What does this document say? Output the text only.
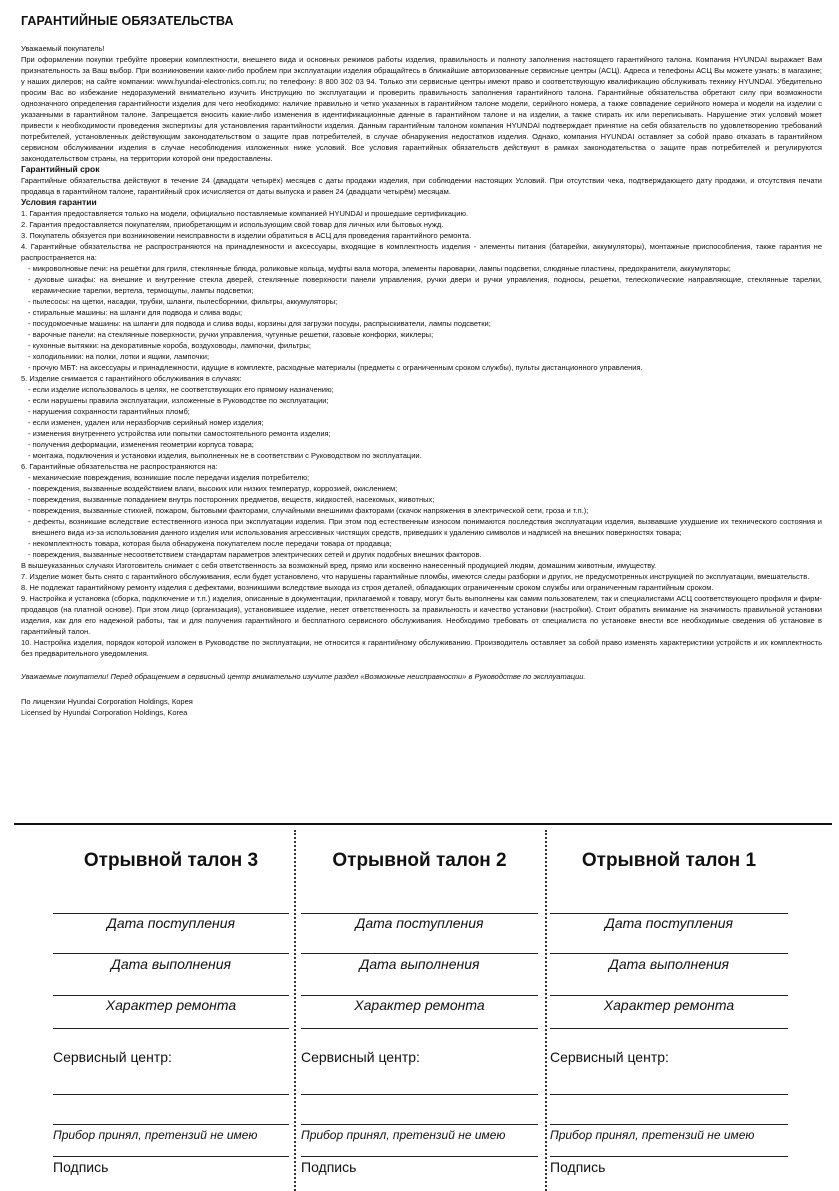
ГАРАНТИЙНЫЕ ОБЯЗАТЕЛЬСТВА

Уважаемый покупатель!

При оформлении покупки требуйте проверки комплектности, внешнего вида и основных режимов работы изделия, правильность и полноту заполнения настоящего гарантийного талона. Компания HYUNDAI выражает Вам признательность за Ваш выбор. При возникновении каких-либо проблем при эксплуатации изделия обращайтесь в ближайшие авторизованные сервисные центры (АСЦ). Адреса и телефоны АСЦ Вы можете узнать: в магазине; у наших дилеров; на сайте компании: www.hyundai-electronics.com.ru; по телефону: 8 800 302 03 94. Только эти сервисные центры имеют право и соответствующую квалификацию обслуживать технику HYUNDAI. Убедительно просим Вас во избежание недоразумений внимательно изучить Инструкцию по эксплуатации и проверить правильность заполнения гарантийного талона. Гарантийные обязательства обретают силу при возможности однозначного определения гарантийности изделия для чего необходимо: наличие правильно и четко указанных в гарантийном талоне модели, серийного номера, а также совпадение серийного номера и модели на изделии с указанными в гарантийном талоне. Запрещается вносить какие-либо изменения в идентификационные данные в гарантийном талоне и на изделии, а также стирать их или переписывать. Нарушение этих условий может привести к необходимости проведения экспертизы для установления гарантийности изделия. Данным гарантийным талоном компания HYUNDAI подтверждает принятие на себя обязательств по удовлетворению требований потребителей, установленных действующим законодательством о защите прав потребителей, в случае обнаружения недостатков изделия. Однако, компания HYUNDAI оставляет за собой право отказать в гарантийном сервисном обслуживании изделия в случае несоблюдения изложенных ниже условий. Все условия гарантийных обязательств действуют в рамках законодательства о защите прав потребителей и регулируются законодательством страны, на территории которой они предоставлены.

Гарантийный срок

Гарантийные обязательства действуют в течение 24 (двадцати четырёх) месяцев с даты продажи изделия, при соблюдении настоящих Условий. При отсутствии чека, подтверждающего дату продажи, и отсутствия печати продавца в гарантийном талоне, гарантийный срок исчисляется от даты выпуска и равен 24 (двадцати четырём) месяцам.

Условия гарантии

1. Гарантия предоставляется только на модели, официально поставляемые компанией HYUNDAI и прошедшие сертификацию.

2. Гарантия предоставляется покупателям, приобретающим и использующим свой товар для личных или бытовых нужд.

3. Покупатель обязуется при возникновении неисправности в изделии обратиться в АСЦ для проведения гарантийного ремонта.

4. Гарантийные обязательства не распространяются на принадлежности и аксессуары, входящие в комплектность изделия - элементы питания (батарейки, аккумуляторы), монтажные приспособления, также гарантия не распространяется на:

- микроволновые печи: на решётки для гриля, стеклянные блюда, роликовые кольца, муфты вала мотора, элементы пароварки, лампы подсветки, слюдяные пластины, предохранители, аккумуляторы;

- духовые шкафы: на внешние и внутренние стекла дверей, стеклянные поверхности панели управления, ручки двери и ручки управления, подносы, решетки, телескопические направляющие, стеклянные тарелки, керамические тарелки, вертела, термощупы, лампы подсветки;

- пылесосы: на щетки, насадки, трубки, шланги, пылесборники, фильтры, аккумуляторы;

- стиральные машины: на шланги для подвода и слива воды;

- посудомоечные машины: на шланги для подвода и слива воды, корзины для загрузки посуды, распрыскиватели, лампы подсветки;

- варочные панели: на стеклянные поверхности, ручки управления, чугунные решетки, газовые конфорки, жиклеры;

- кухонные вытяжки: на декоративные короба, воздуховоды, лампочки, фильтры;

- холодильники: на полки, лотки и ящики, лампочки;

- прочую МБТ: на аксессуары и принадлежности, идущие в комплекте, расходные материалы (предметы с ограниченным сроком службы), пульты дистанционного управления.

5. Изделие снимается с гарантийного обслуживания в случаях:

- если изделие использовалось в целях, не соответствующих его прямому назначению;

- если нарушены правила эксплуатации, изложенные в Руководстве по эксплуатации;

- нарушения сохранности гарантийных пломб;

- если изменен, удален или неразборчив серийный номер изделия;

- изменения внутреннего устройства или попытки самостоятельного ремонта изделия;

- получения деформации, изменения геометрии корпуса товара;

- монтажа, подключения и установки изделия, выполненных не в соответствии с Руководством по эксплуатации.

6. Гарантийные обязательства не распространяются на:

- механические повреждения, возникшие после передачи изделия потребителю;

- повреждения, вызванные воздействием влаги, высоких или низких температур, коррозией, окислением;

- повреждения, вызванные попаданием внутрь посторонних предметов, веществ, жидкостей, насекомых, животных;

- повреждения, вызванные стихией, пожаром, бытовыми факторами, случайными внешними факторами (скачок напряжения в электрической сети, гроза и т.п.);

- дефекты, возникшие вследствие естественного износа при эксплуатации изделия. При этом под естественным износом понимаются последствия эксплуатации изделия, вызвавшие ухудшение их технического состояния и внешнего вида из-за использования данного изделия или использования агрессивных чистящих средств, приведших к удалению символов и надписей на внешних поверхностях товара;

- некомплектность товара, которая была обнаружена покупателем после передачи товара от продавца;

- повреждения, вызванные несоответствием стандартам параметров электрических сетей и других подобных внешних факторов.

В вышеуказанных случаях Изготовитель снимает с себя ответственность за возможный вред, прямо или косвенно нанесенный продукцией людям, домашним животным, имуществу.

7. Изделие может быть снято с гарантийного обслуживания, если будет установлено, что нарушены гарантийные пломбы, имеются следы разборки и других, не предусмотренных инструкцией по эксплуатации, вмешательств.

8. Не подлежат гарантийному ремонту изделия с дефектами, возникшими вследствие выхода из строя деталей, обладающих ограниченным сроком службы или ограниченным гарантийным сроком.

9. Настройка и установка (сборка, подключение и т.п.) изделия, описанные в документации, прилагаемой к товару, могут быть выполнены как самим пользователем, так и специалистами АСЦ соответствующего профиля и фирм-продавцов (на платной основе). При этом лицо (организация), установившее изделие, несет ответственность за правильность и качество установки (настройки). Стоит обратить внимание на значимость правильной установки изделия, как для его надежной работы, так и для получения гарантийного и бесплатного сервисного обслуживания. Необходимо требовать от специалиста по установке внести все необходимые сведения об установке в гарантийный талон.

10. Настройка изделия, порядок которой изложен в Руководстве по эксплуатации, не относится к гарантийному обслуживанию. Производитель оставляет за собой право изменять характеристики устройств и их комплектность без предварительного уведомления.

Уважаемые покупатели! Перед обращением в сервисный центр внимательно изучите раздел «Возможные неисправности» в Руководстве по эксплуатации.

По лицензии Hyundai Corporation Holdings, Корея

Licensed by Hyundai Corporation Holdings, Korea

Отрывной талон 3
Дата поступления
Дата выполнения
Характер ремонта
Сервисный центр:
Прибор принял, претензий не имею
Подпись
Отрывной талон 2
Дата поступления
Дата выполнения
Характер ремонта
Сервисный центр:
Прибор принял, претензий не имею
Подпись
Отрывной талон 1
Дата поступления
Дата выполнения
Характер ремонта
Сервисный центр:
Прибор принял, претензий не имею
Подпись
